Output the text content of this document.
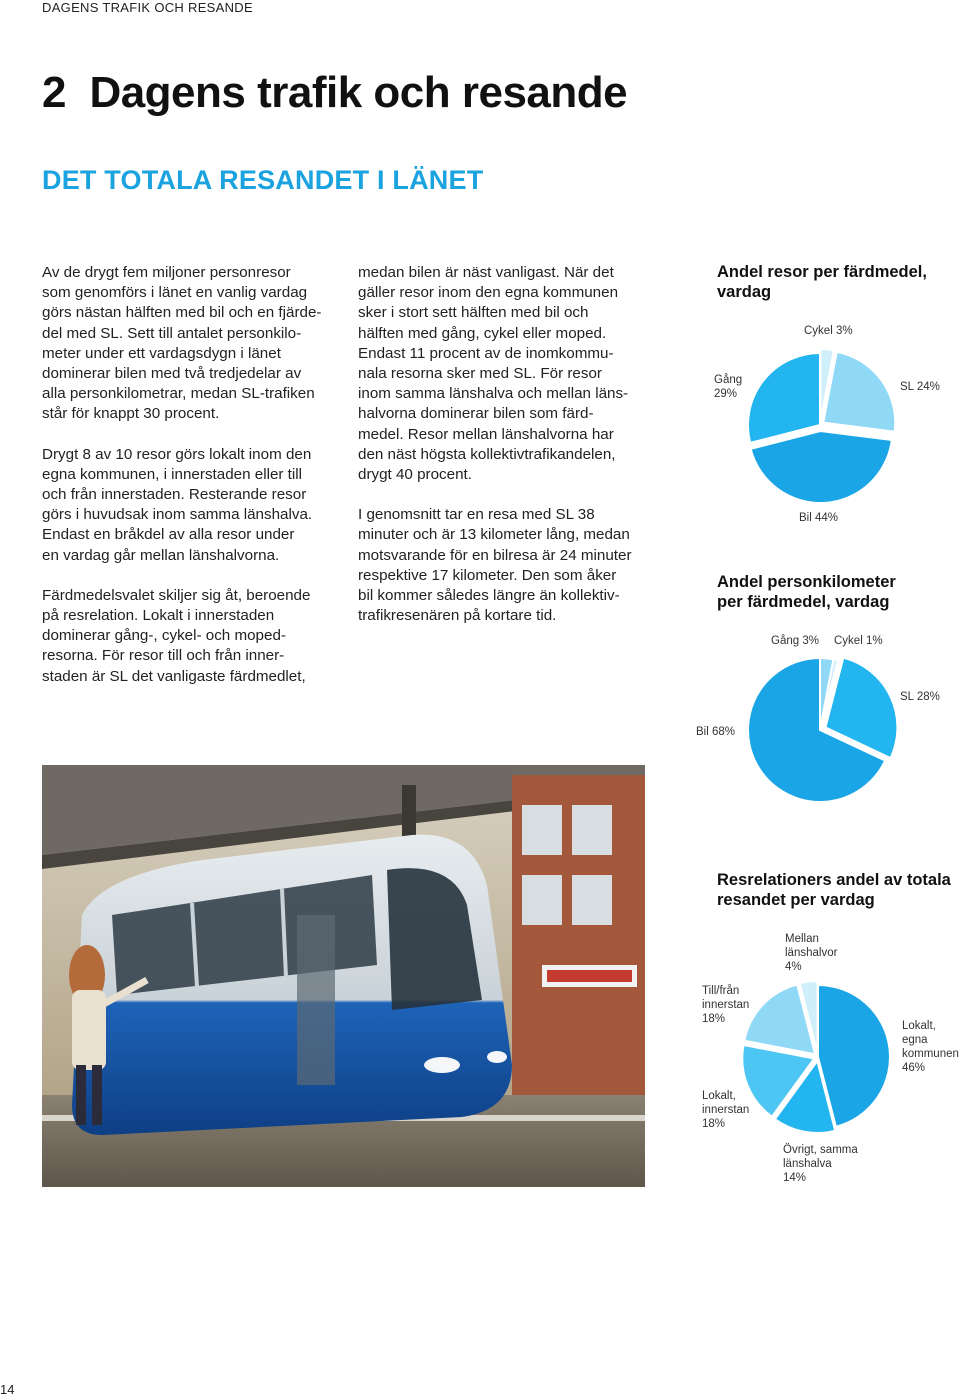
DAGENS TRAFIK OCH RESANDE
2 Dagens trafik och resande
DET TOTALA RESANDET I LÄNET

Av de drygt fem miljoner personresor
som genomförs i länet en vanlig vardag
görs nästan hälften med bil och en fjärde-
del med SL. Sett till antalet personkilo-
meter under ett vardagsdygn i länet
dominerar bilen med två tredjedelar av
alla personkilometrar, medan SL-trafiken
står för knappt 30 procent.

Drygt 8 av 10 resor görs lokalt inom den
egna kommunen, i innerstaden eller till
och från innerstaden. Resterande resor
görs i huvudsak inom samma länshalva.
Endast en bråkdel av alla resor under
en vardag går mellan länshalvorna.

Färdmedelsvalet skiljer sig åt, beroende
på resrelation. Lokalt i innerstaden
dominerar gång-, cykel- och moped-
resorna. För resor till och från inner-
staden är SL det vanligaste färdmedlet,

medan bilen är näst vanligast. När det
gäller resor inom den egna kommunen
sker i stort sett hälften med bil och
hälften med gång, cykel eller moped.
Endast 11 procent av de inomkommu-
nala resorna sker med SL. För resor
inom samma länshalva och mellan läns-
halvorna dominerar bilen som färd-
medel. Resor mellan länshalvorna har
den näst högsta kollektivtrafikandelen,
drygt 40 procent.

I genomsnitt tar en resa med SL 38
minuter och är 13 kilometer lång, medan
motsvarande för en bilresa är 24 minuter
respektive 17 kilometer. Den som åker
bil kommer således längre än kollektiv-
trafikresenären på kortare tid.

Andel resor per färdmedel,
vardag
Cykel 3%
SL 24%
Bil 44%
Gång
29%
Andel personkilometer
per färdmedel, vardag
Gång 3% Cykel 1%
SL 28%
Bil 68%
Resrelationers andel av totala
resandet per vardag
Mellan
länshalvor
4%
Till/från
innerstan
18%
Lokalt, egna
kommunen
46%
Lokalt,
innerstan
18%
Övrigt, samma
länshalva
14%
14
